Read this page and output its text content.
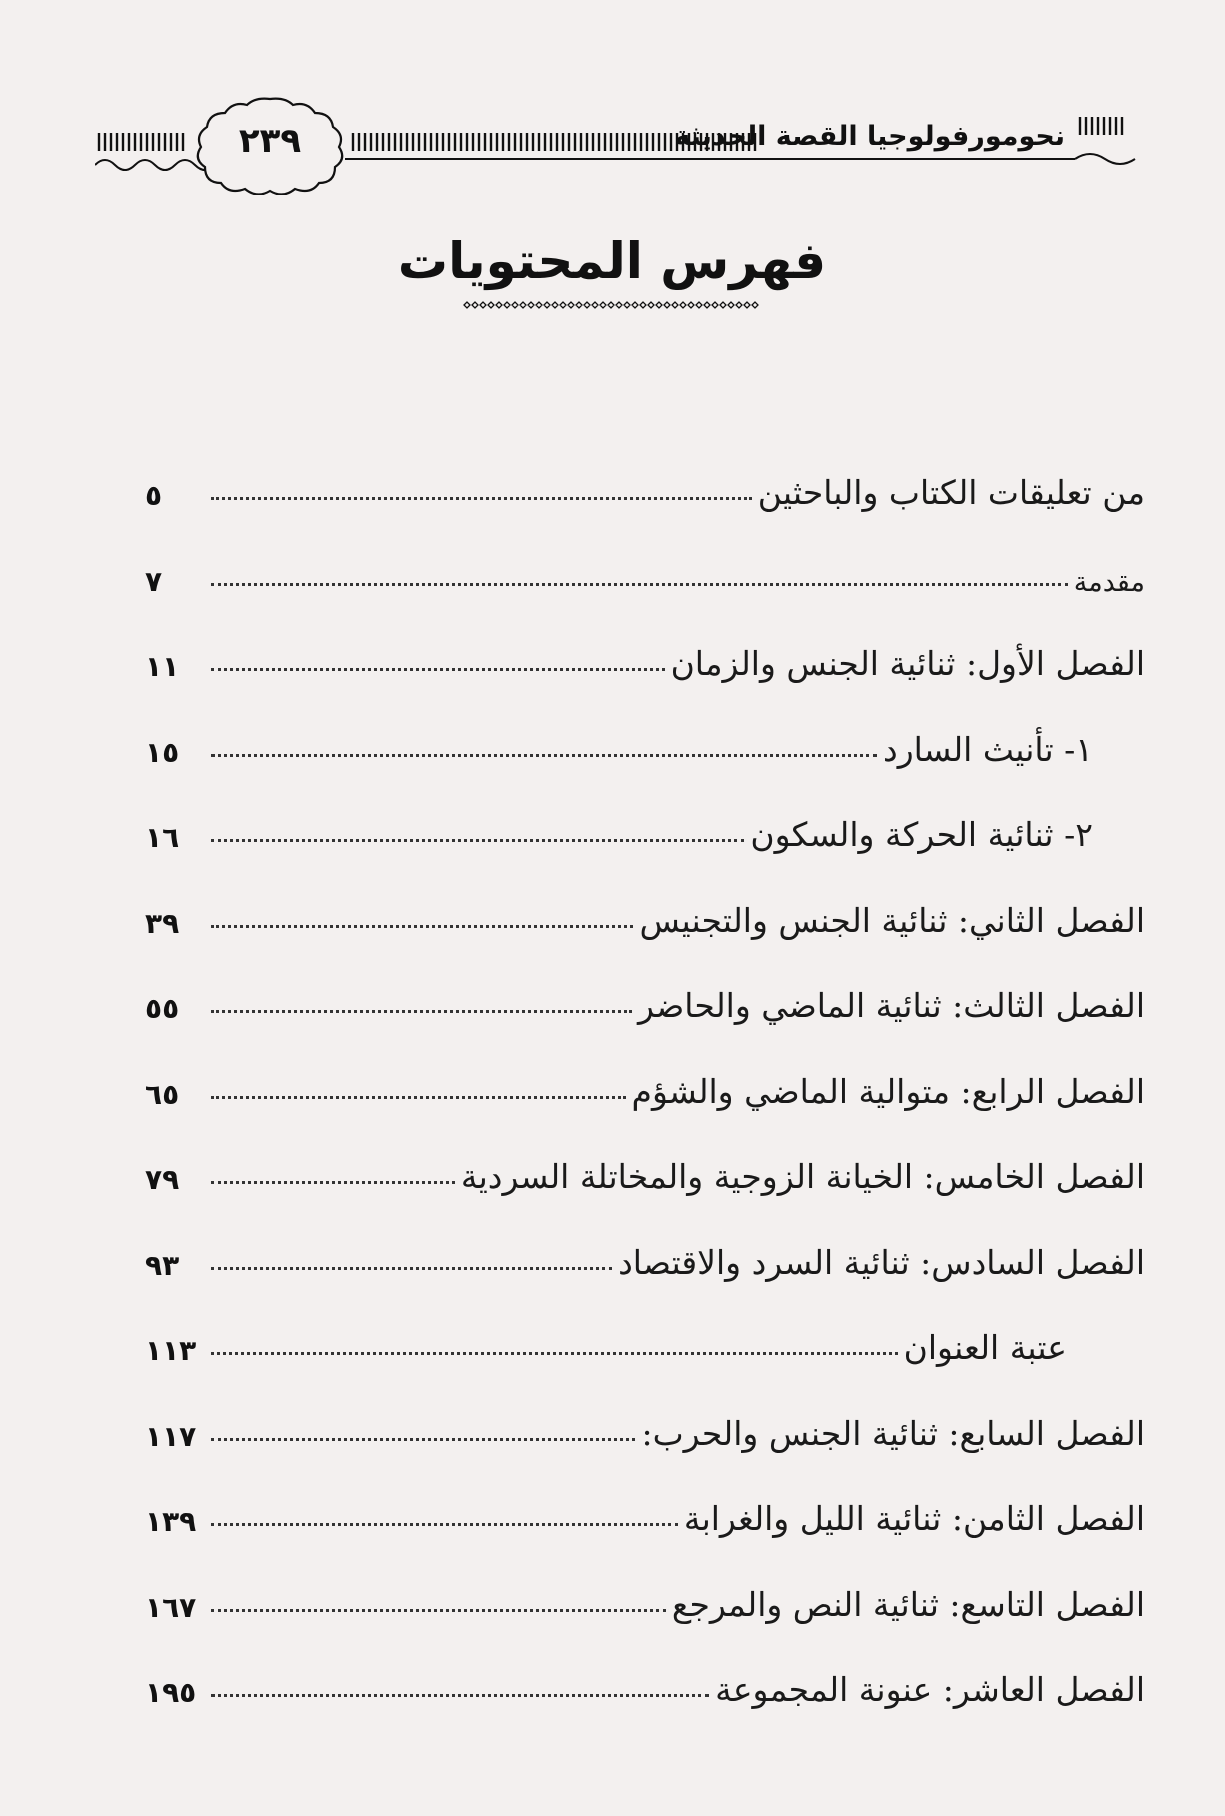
٢٣٩	نحومورفولوجيا القصة الحديثة
فهرس المحتويات
من تعليقات الكتاب والباحثين
٥
مقدمة
٧
الفصل الأول: ثنائية الجنس والزمان
١١
١- تأنيث السارد
١٥
٢- ثنائية الحركة والسكون
١٦
الفصل الثاني: ثنائية الجنس والتجنيس
٣٩
الفصل الثالث: ثنائية الماضي والحاضر
٥٥
الفصل الرابع: متوالية الماضي والشؤم
٦٥
الفصل الخامس: الخيانة الزوجية والمخاتلة السردية
٧٩
الفصل السادس: ثنائية السرد والاقتصاد
٩٣
عتبة العنوان
١١٣
الفصل السابع: ثنائية الجنس والحرب:
١١٧
الفصل الثامن: ثنائية الليل والغرابة
١٣٩
الفصل التاسع: ثنائية النص والمرجع
١٦٧
الفصل العاشر: عنونة المجموعة
١٩٥
